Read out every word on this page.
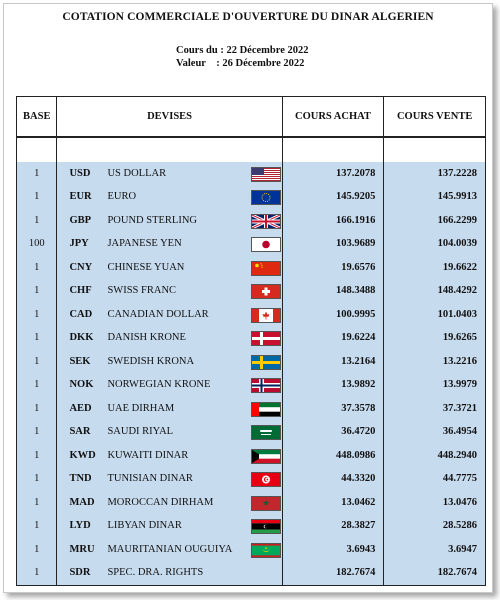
COTATION COMMERCIALE D'OUVERTURE DU DINAR ALGERIEN
Cours du : 22 Décembre 2022
Valeur    : 26 Décembre 2022
BASE	DEVISES	COURS ACHAT	COURS VENTE

1	USD US DOLLAR	137.2078	137.2228
1	EUR EURO	145.9205	145.9913
1	GBP POUND STERLING	166.1916	166.2299
100	JPY JAPANESE YEN	103.9689	104.0039
1	CNY CHINESE YUAN	19.6576	19.6622
1	CHF SWISS FRANC	148.3488	148.4292
1	CAD CANADIAN DOLLAR	100.9995	101.0403
1	DKK DANISH KRONE	19.6224	19.6265
1	SEK SWEDISH KRONA	13.2164	13.2216
1	NOK NORWEGIAN KRONE	13.9892	13.9979
1	AED UAE DIRHAM	37.3578	37.3721
1	SAR SAUDI RIYAL	36.4720	36.4954
1	KWD KUWAITI DINAR	448.0986	448.2940
1	TND TUNISIAN DINAR	44.3320	44.7775
1	MAD MOROCCAN DIRHAM	13.0462	13.0476
1	LYD LIBYAN DINAR	28.3827	28.5286
1	MRU MAURITANIAN OUGUIYA	3.6943	3.6947
1	SDR SPEC. DRA. RIGHTS	182.7674	182.7674
